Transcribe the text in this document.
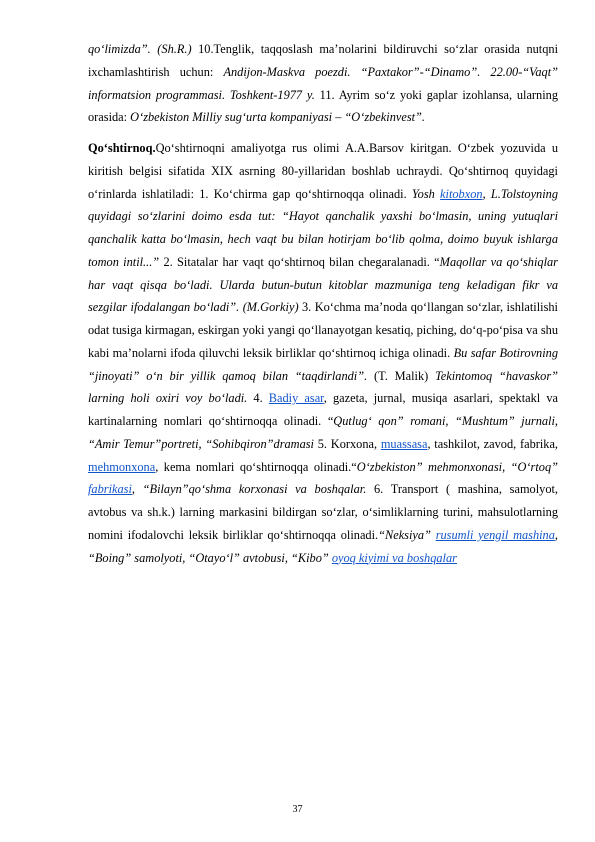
qo‘limizda”. (Sh.R.) 10.Tenglik, taqqoslash ma’nolarini bildiruvchi so‘zlar orasida nutqni ixchamlashtirish uchun: Andijon-Maskva poezdi. “Paxtakor”-“Dinamo”. 22.00-“Vaqt” informatsion programmasi. Toshkent-1977 y. 11. Ayrim so‘z yoki gaplar izohlansa, ularning orasida: O‘zbekiston Milliy sug‘urta kompaniyasi – “O‘zbekinvest”.

Qo‘shtirnoq.Qo‘shtirnoqni amaliyotga rus olimi A.A.Barsov kiritgan. O‘zbek yozuvida u kiritish belgisi sifatida XIX asrning 80-yillaridan boshlab uchraydi. Qo‘shtirnoq quyidagi o‘rinlarda ishlatiladi: 1. Ko‘chirma gap qo‘shtirnoqqa olinadi. Yosh kitobxon, L.Tolstoyning quyidagi so‘zlarini doimo esda tut: “Hayot qanchalik yaxshi bo‘lmasin, uning yutuqlari qanchalik katta bo‘lmasin, hech vaqt bu bilan hotirjam bo‘lib qolma, doimo buyuk ishlarga tomon intil...” 2. Sitatalar har vaqt qo‘shtirnoq bilan chegaralanadi. “Maqollar va qo‘shiqlar har vaqt qisqa bo‘ladi. Ularda butun-butun kitoblar mazmuniga teng keladigan fikr va sezgilar ifodalangan bo‘ladi”. (M.Gorkiy) 3. Ko‘chma ma’noda qo‘llangan so‘zlar, ishlatilishi odat tusiga kirmagan, eskirgan yoki yangi qo‘llanayotgan kesatiq, piching, do‘q-po‘pisa va shu kabi ma’nolarni ifoda qiluvchi leksik birliklar qo‘shtirnoq ichiga olinadi. Bu safar Botirovning “jinoyati” o‘n bir yillik qamoq bilan “taqdirlandi”. (T. Malik) Tekintomoq “havaskor” larning holi oxiri voy bo‘ladi. 4. Badiy asar, gazeta, jurnal, musiqa asarlari, spektakl va kartinalarning nomlari qo‘shtirnoqqa olinadi. “Qutlug‘ qon” romani, “Mushtum” jurnali, “Amir Temur”portreti, “Sohibqiron”dramasi 5. Korxona, muassasa, tashkilot, zavod, fabrika, mehmonxona, kema nomlari qo‘shtirnoqqa olinadi.“O‘zbekiston” mehmonxonasi, “O‘rtoq” fabrikasi, “Bilayn”qo‘shma korxonasi va boshqalar. 6. Transport ( mashina, samolyot, avtobus va sh.k.) larning markasini bildirgan so‘zlar, o‘simliklarning turini, mahsulotlarning nomini ifodalovchi leksik birliklar qo‘shtirnoqqa olinadi.“Neksiya” rusumli yengil mashina, “Boing” samolyoti, “Otayo‘l” avtobusi, “Kibo” oyoq kiyimi va boshqalar

37
